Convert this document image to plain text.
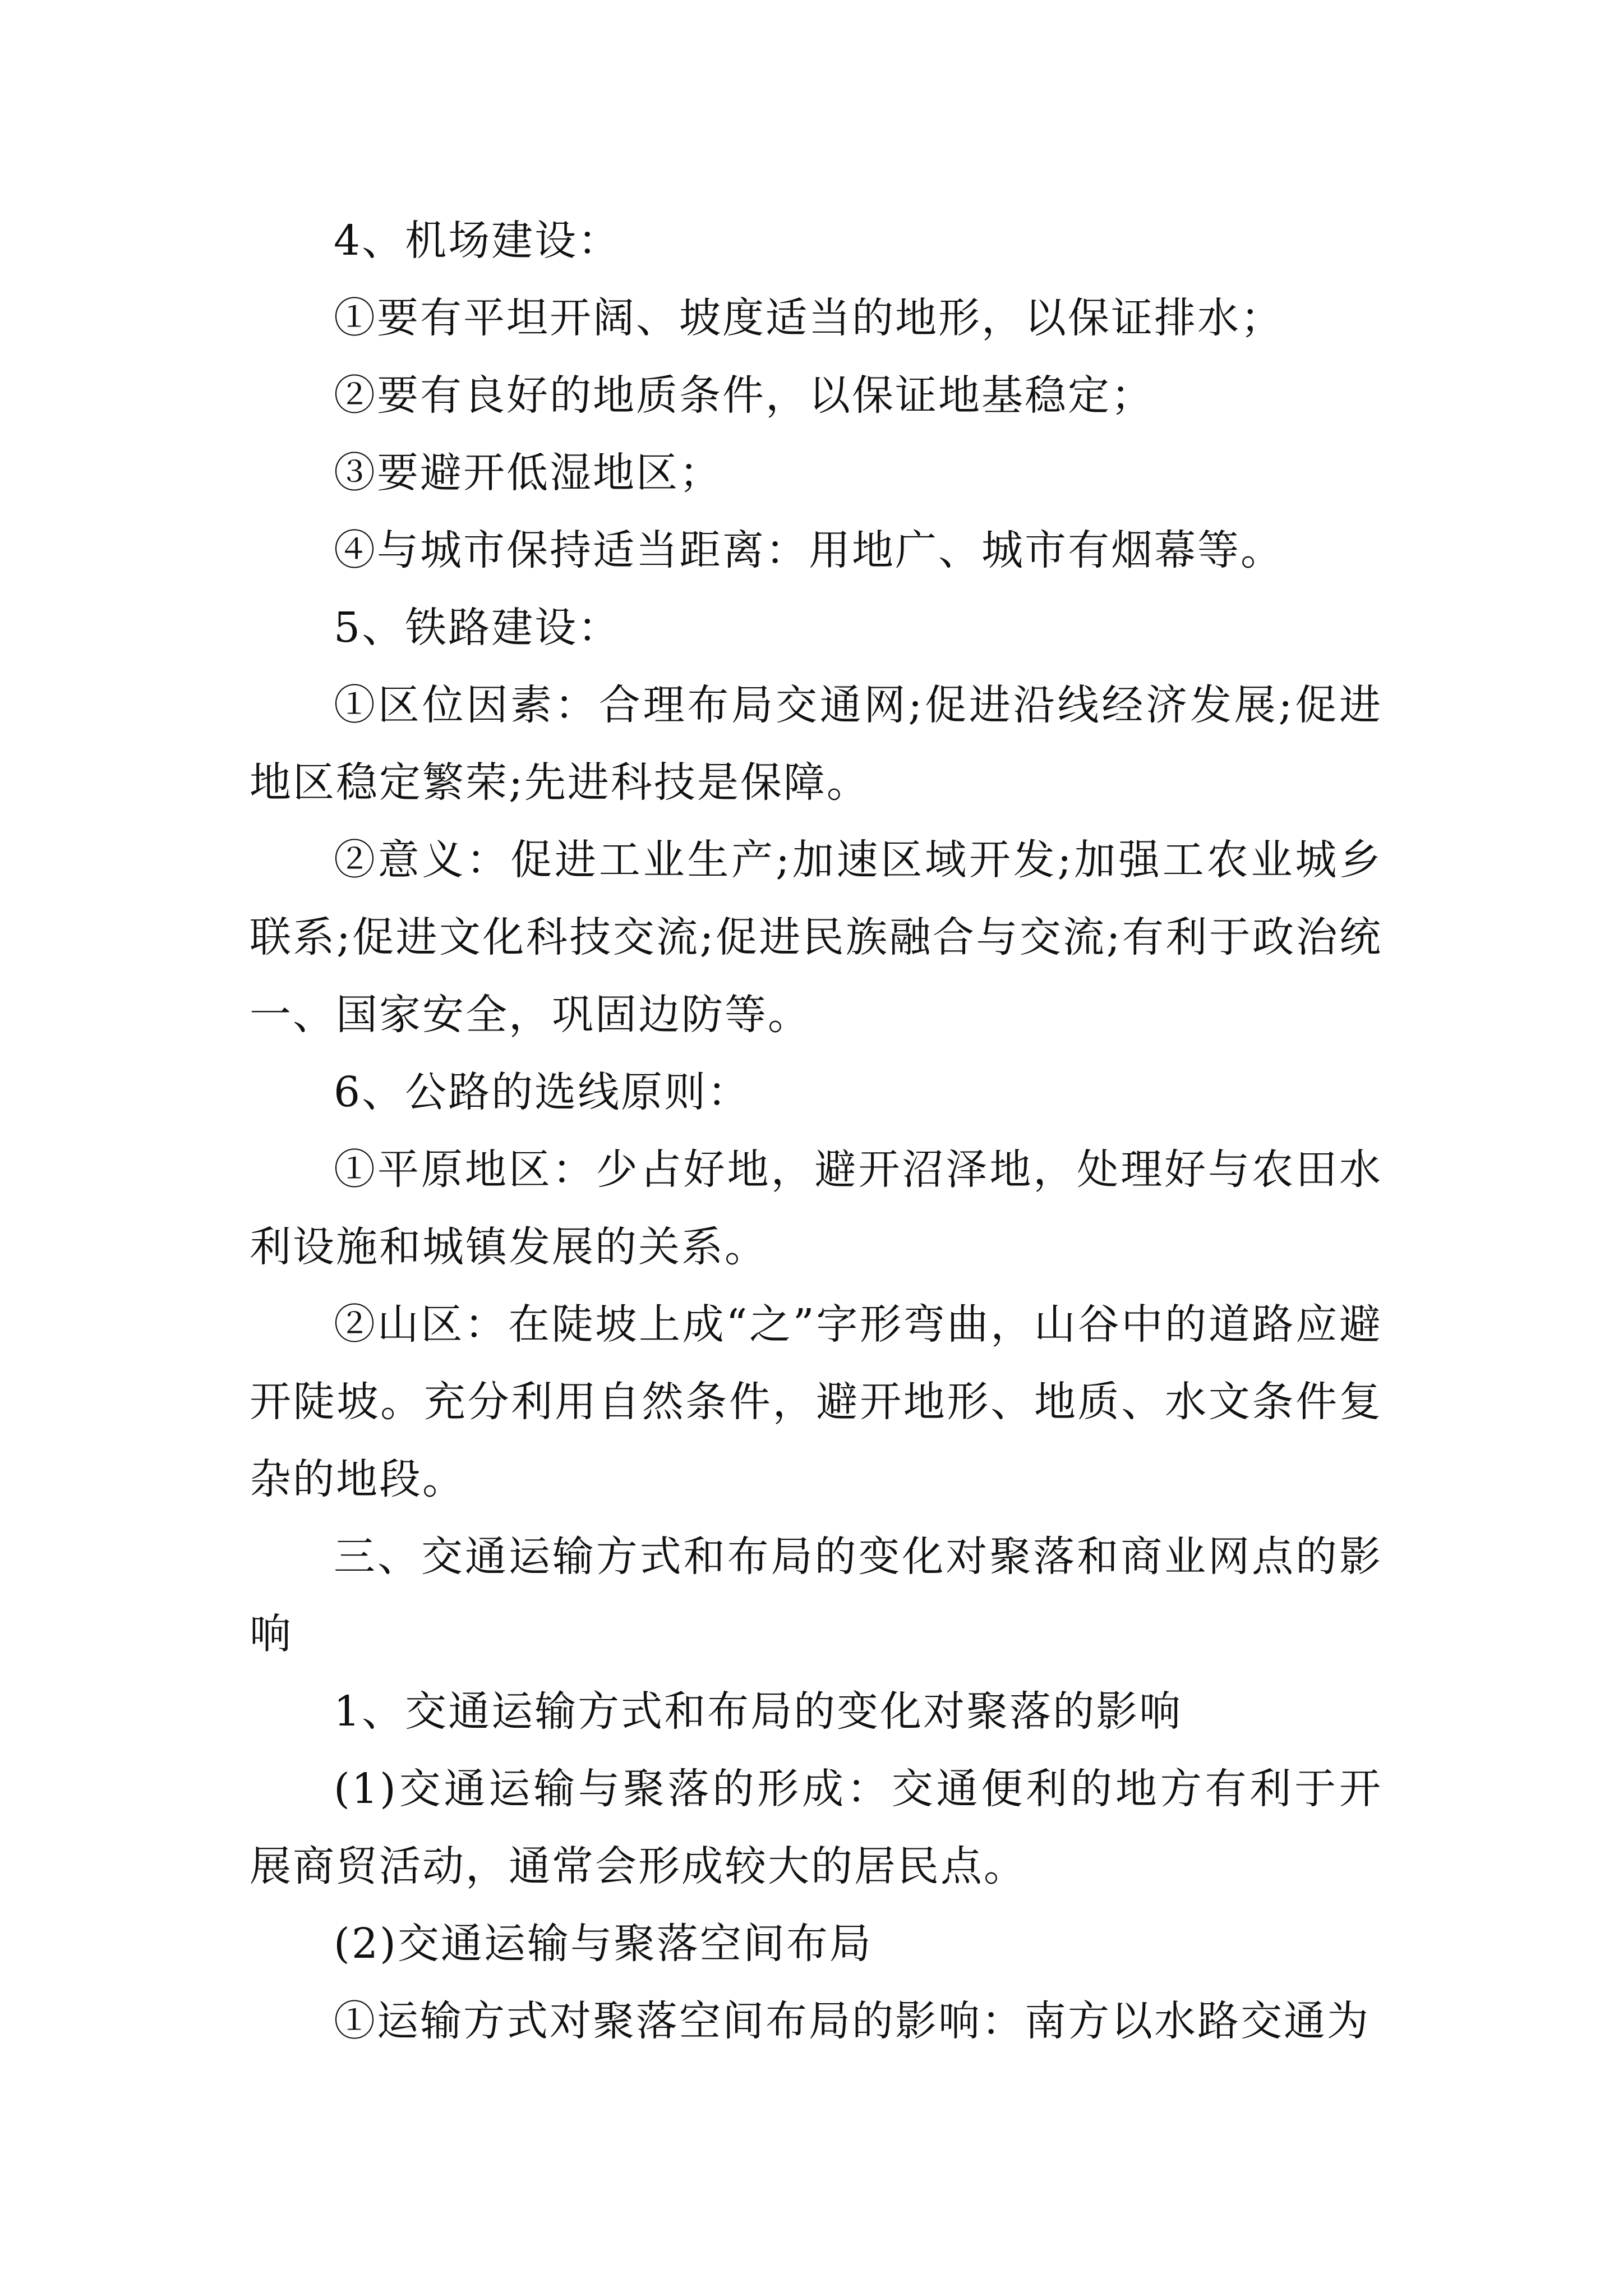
4、机场建设：

①要有平坦开阔、坡度适当的地形，以保证排水；

②要有良好的地质条件，以保证地基稳定；

③要避开低湿地区；

④与城市保持适当距离：用地广、城市有烟幕等。

5、铁路建设：

①区位因素：合理布局交通网;促进沿线经济发展;促进地区稳定繁荣;先进科技是保障。

②意义：促进工业生产;加速区域开发;加强工农业城乡联系;促进文化科技交流;促进民族融合与交流;有利于政治统一、国家安全，巩固边防等。

6、公路的选线原则：

①平原地区：少占好地，避开沼泽地，处理好与农田水利设施和城镇发展的关系。

②山区：在陡坡上成“之”字形弯曲，山谷中的道路应避开陡坡。充分利用自然条件，避开地形、地质、水文条件复杂的地段。

三、交通运输方式和布局的变化对聚落和商业网点的影响

1、交通运输方式和布局的变化对聚落的影响

(1)交通运输与聚落的形成：交通便利的地方有利于开展商贸活动，通常会形成较大的居民点。

(2)交通运输与聚落空间布局

①运输方式对聚落空间布局的影响：南方以水路交通为
